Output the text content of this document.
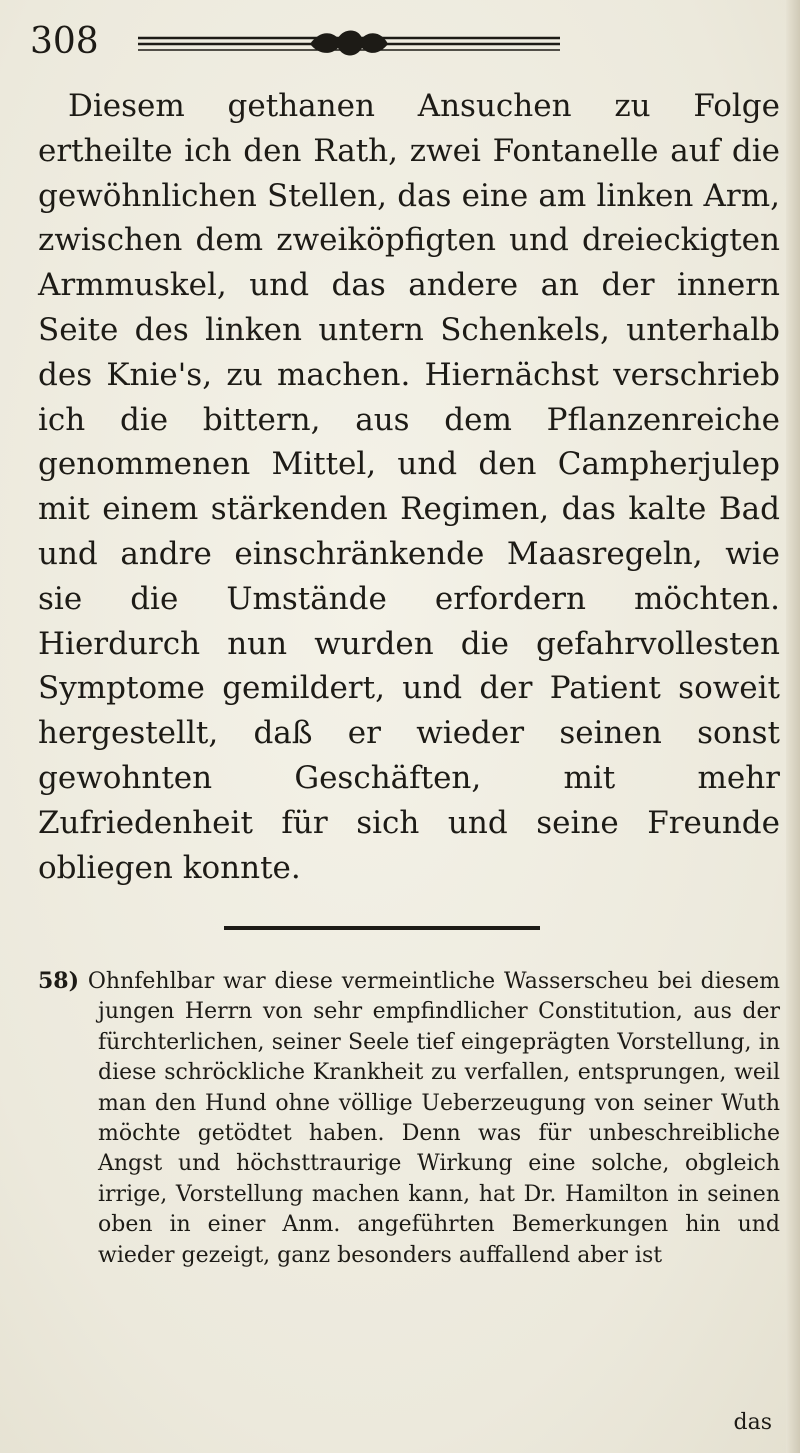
308

Diesem gethanen Ansuchen zu Folge ertheilte ich den Rath, zwei Fontanelle auf die gewöhnlichen Stellen, das eine am linken Arm, zwischen dem zweiköpfigten und dreieckigten Armmuskel, und das andere an der innern Seite des linken untern Schenkels, unterhalb des Knie's, zu machen. Hiernächst verschrieb ich die bittern, aus dem Pflanzenreiche genommenen Mittel, und den Campherjulep mit einem stärkenden Regimen, das kalte Bad und andre einschränkende Maasregeln, wie sie die Umstände erfordern möchten. Hierdurch nun wurden die gefahrvollesten Symptome gemildert, und der Patient soweit hergestellt, daß er wieder seinen sonst gewohnten Geschäften, mit mehr Zufriedenheit für sich und seine Freunde obliegen konnte.

58) Ohnfehlbar war diese vermeintliche Wasserscheu bei diesem jungen Herrn von sehr empfindlicher Constitution, aus der fürchterlichen, seiner Seele tief eingeprägten Vorstellung, in diese schröckliche Krankheit zu verfallen, entsprungen, weil man den Hund ohne völlige Ueberzeugung von seiner Wuth möchte getödtet haben. Denn was für unbeschreibliche Angst und höchsttraurige Wirkung eine solche, obgleich irrige, Vorstellung machen kann, hat Dr. Hamilton in seinen oben in einer Anm. angeführten Bemerkungen hin und wieder gezeigt, ganz besonders auffallend aber ist

das
